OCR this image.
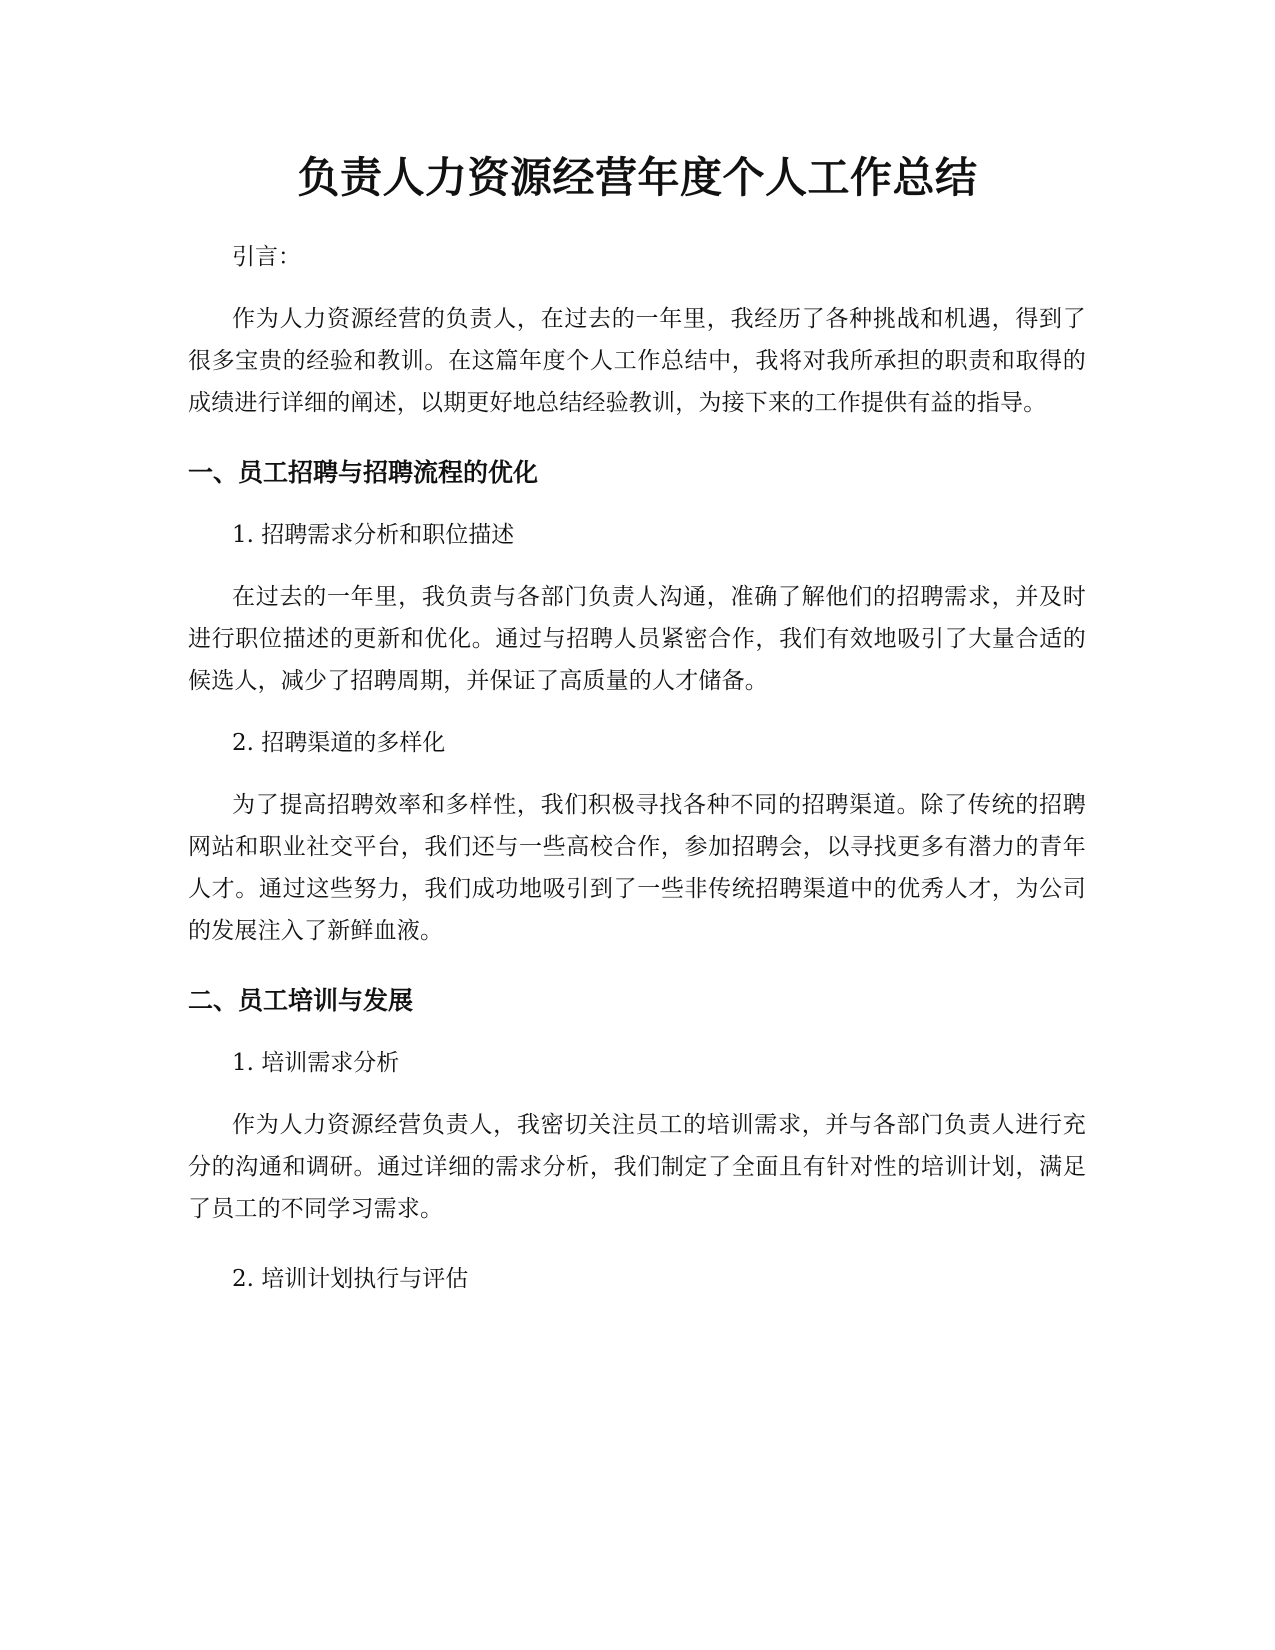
负责人力资源经营年度个人工作总结

引言：

作为人力资源经营的负责人，在过去的一年里，我经历了各种挑战和机遇，得到了很多宝贵的经验和教训。在这篇年度个人工作总结中，我将对我所承担的职责和取得的成绩进行详细的阐述，以期更好地总结经验教训，为接下来的工作提供有益的指导。

一、员工招聘与招聘流程的优化

1. 招聘需求分析和职位描述

在过去的一年里，我负责与各部门负责人沟通，准确了解他们的招聘需求，并及时进行职位描述的更新和优化。通过与招聘人员紧密合作，我们有效地吸引了大量合适的候选人，减少了招聘周期，并保证了高质量的人才储备。

2. 招聘渠道的多样化

为了提高招聘效率和多样性，我们积极寻找各种不同的招聘渠道。除了传统的招聘网站和职业社交平台，我们还与一些高校合作，参加招聘会，以寻找更多有潜力的青年人才。通过这些努力，我们成功地吸引到了一些非传统招聘渠道中的优秀人才，为公司的发展注入了新鲜血液。

二、员工培训与发展

1. 培训需求分析

作为人力资源经营负责人，我密切关注员工的培训需求，并与各部门负责人进行充分的沟通和调研。通过详细的需求分析，我们制定了全面且有针对性的培训计划，满足了员工的不同学习需求。

2. 培训计划执行与评估
